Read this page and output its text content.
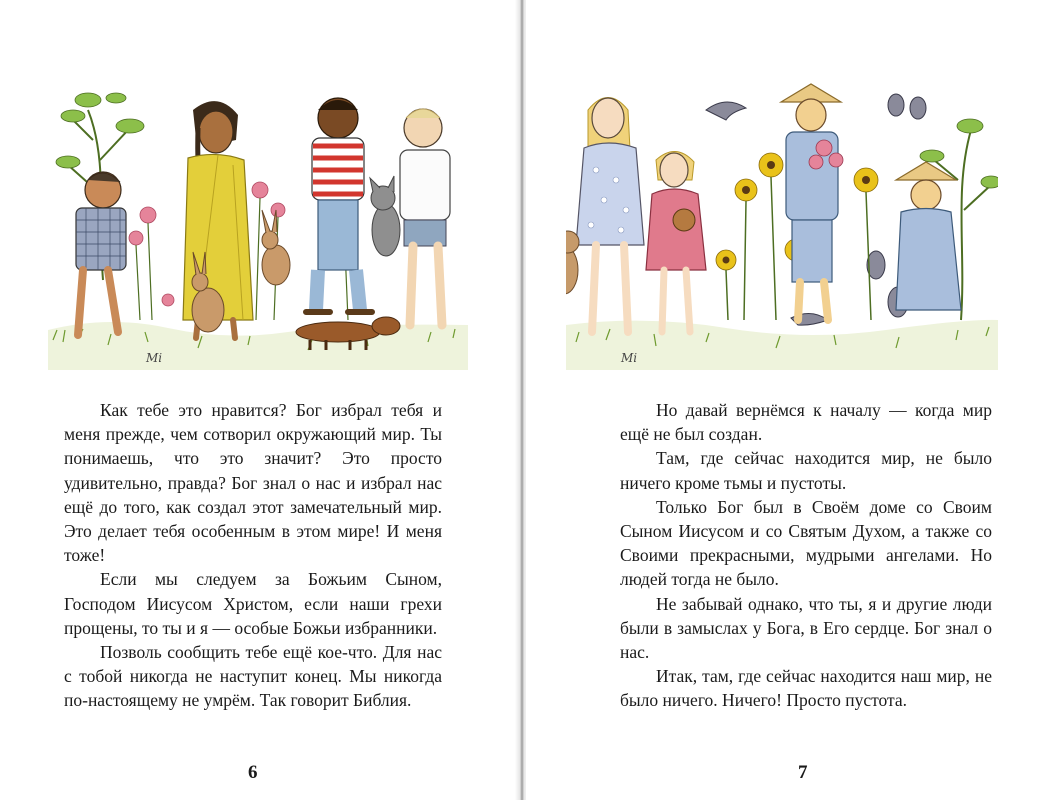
Mi

Как тебе это нравится? Бог избрал тебя и меня прежде, чем сотворил окружающий мир. Ты понимаешь, что это значит? Это просто удивительно, правда? Бог знал о нас и избрал нас ещё до того, как создал этот замечательный мир. Это делает тебя особенным в этом мире! И меня тоже!

Если мы следуем за Божьим Сыном, Господом Иисусом Христом, если наши грехи прощены, то ты и я — особые Божьи избранники.

Позволь сообщить тебе ещё кое-что. Для нас с тобой никогда не наступит конец. Мы никогда по-настоящему не умрём. Так говорит Библия.

6
Mi

Но давай вернёмся к началу — когда мир ещё не был создан.

Там, где сейчас находится мир, не было ничего кроме тьмы и пустоты.

Только Бог был в Своём доме со Своим Сыном Иисусом и со Святым Духом, а также со Своими прекрасными, мудрыми ангелами. Но людей тогда не было.

Не забывай однако, что ты, я и другие люди были в замыслах у Бога, в Его сердце. Бог знал о нас.

Итак, там, где сейчас находится наш мир, не было ничего. Ничего! Просто пустота.

7
